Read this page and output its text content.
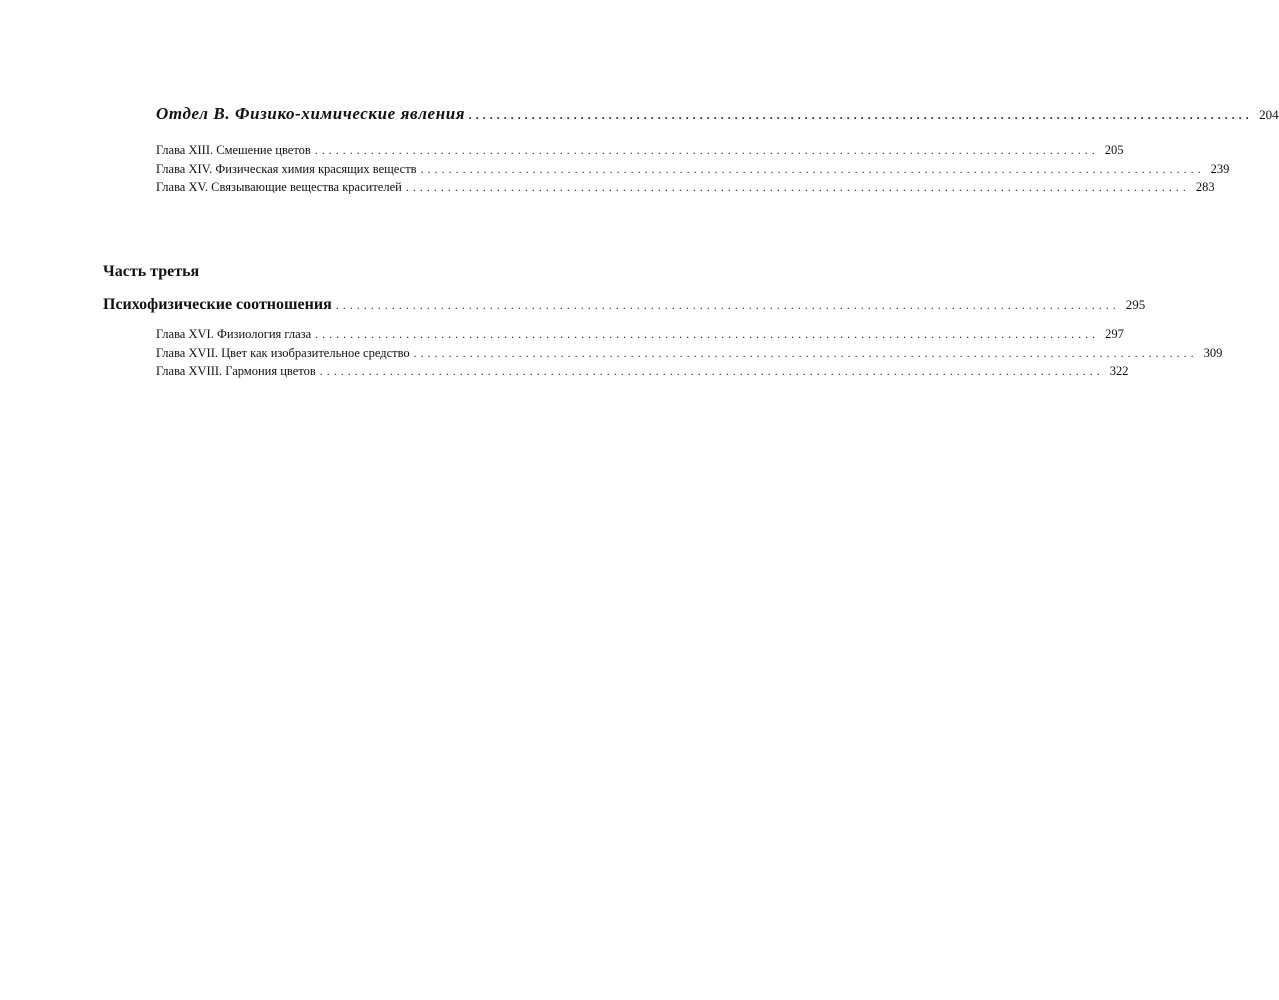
Отдел В. Физико-химические явления ................................................................................................................ 204
Глава XIII. Смешение цветов ................................................................................................................ 205
Глава XIV. Физическая химия красящих веществ ................................................................................................................ 239
Глава XV. Связывающие вещества красителей ................................................................................................................ 283
Часть третья
Психофизические соотношения ................................................................................................................ 295
Глава XVI. Физиология глаза ................................................................................................................ 297
Глава XVII. Цвет как изобразительное средство ................................................................................................................ 309
Глава XVIII. Гармония цветов ................................................................................................................ 322
